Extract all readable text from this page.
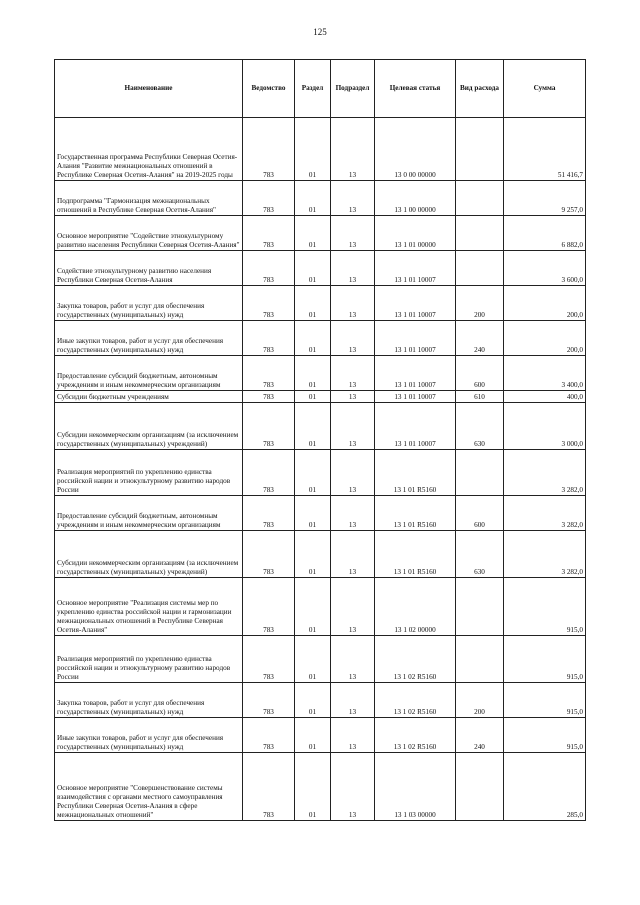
125
Наименование	Ведомство	Раздел	Подраздел	Целевая статья	Вид расхода	Сумма
Государственная программа Республики Северная Осетия-Алания "Развитие межнациональных отношений в Республике Северная Осетия-Алания" на 2019-2025 годы	783	01	13	13 0 00 00000		51 416,7
Подпрограмма "Гармонизация межнациональных отношений в Республике Северная Осетия-Алания"	783	01	13	13 1 00 00000		9 257,0
Основное мероприятие "Содействие этнокультурному развитию населения Республики Северная Осетия-Алания"	783	01	13	13 1 01 00000		6 882,0
Содействие этнокультурному развитию населения Республики Северная Осетия-Алания	783	01	13	13 1 01 10007		3 600,0
Закупка товаров, работ и услуг для обеспечения государственных (муниципальных) нужд	783	01	13	13 1 01 10007	200	200,0
Иные закупки товаров, работ и услуг для обеспечения государственных (муниципальных) нужд	783	01	13	13 1 01 10007	240	200,0
Предоставление субсидий бюджетным, автономным учреждениям и иным некоммерческим организациям	783	01	13	13 1 01 10007	600	3 400,0
Субсидии бюджетным учреждениям	783	01	13	13 1 01 10007	610	400,0
Субсидии некоммерческим организациям (за исключением государственных (муниципальных) учреждений)	783	01	13	13 1 01 10007	630	3 000,0
Реализация мероприятий по укреплению единства российской нации и этнокультурному развитию народов России	783	01	13	13 1 01 R5160		3 282,0
Предоставление субсидий бюджетным, автономным учреждениям и иным некоммерческим организациям	783	01	13	13 1 01 R5160	600	3 282,0
Субсидии некоммерческим организациям (за исключением государственных (муниципальных) учреждений)	783	01	13	13 1 01 R5160	630	3 282,0
Основное мероприятие "Реализация системы мер по укреплению единства российской нации и гармонизации межнациональных отношений в Республике Северная Осетия-Алания"	783	01	13	13 1 02 00000		915,0
Реализация мероприятий по укреплению единства российской нации и этнокультурному развитию народов России	783	01	13	13 1 02 R5160		915,0
Закупка товаров, работ и услуг для обеспечения государственных (муниципальных) нужд	783	01	13	13 1 02 R5160	200	915,0
Иные закупки товаров, работ и услуг для обеспечения государственных (муниципальных) нужд	783	01	13	13 1 02 R5160	240	915,0
Основное мероприятие "Совершенствование системы взаимодействия с органами местного самоуправления Республики Северная Осетия-Алания в сфере межнациональных отношений"	783	01	13	13 1 03 00000		285,0
